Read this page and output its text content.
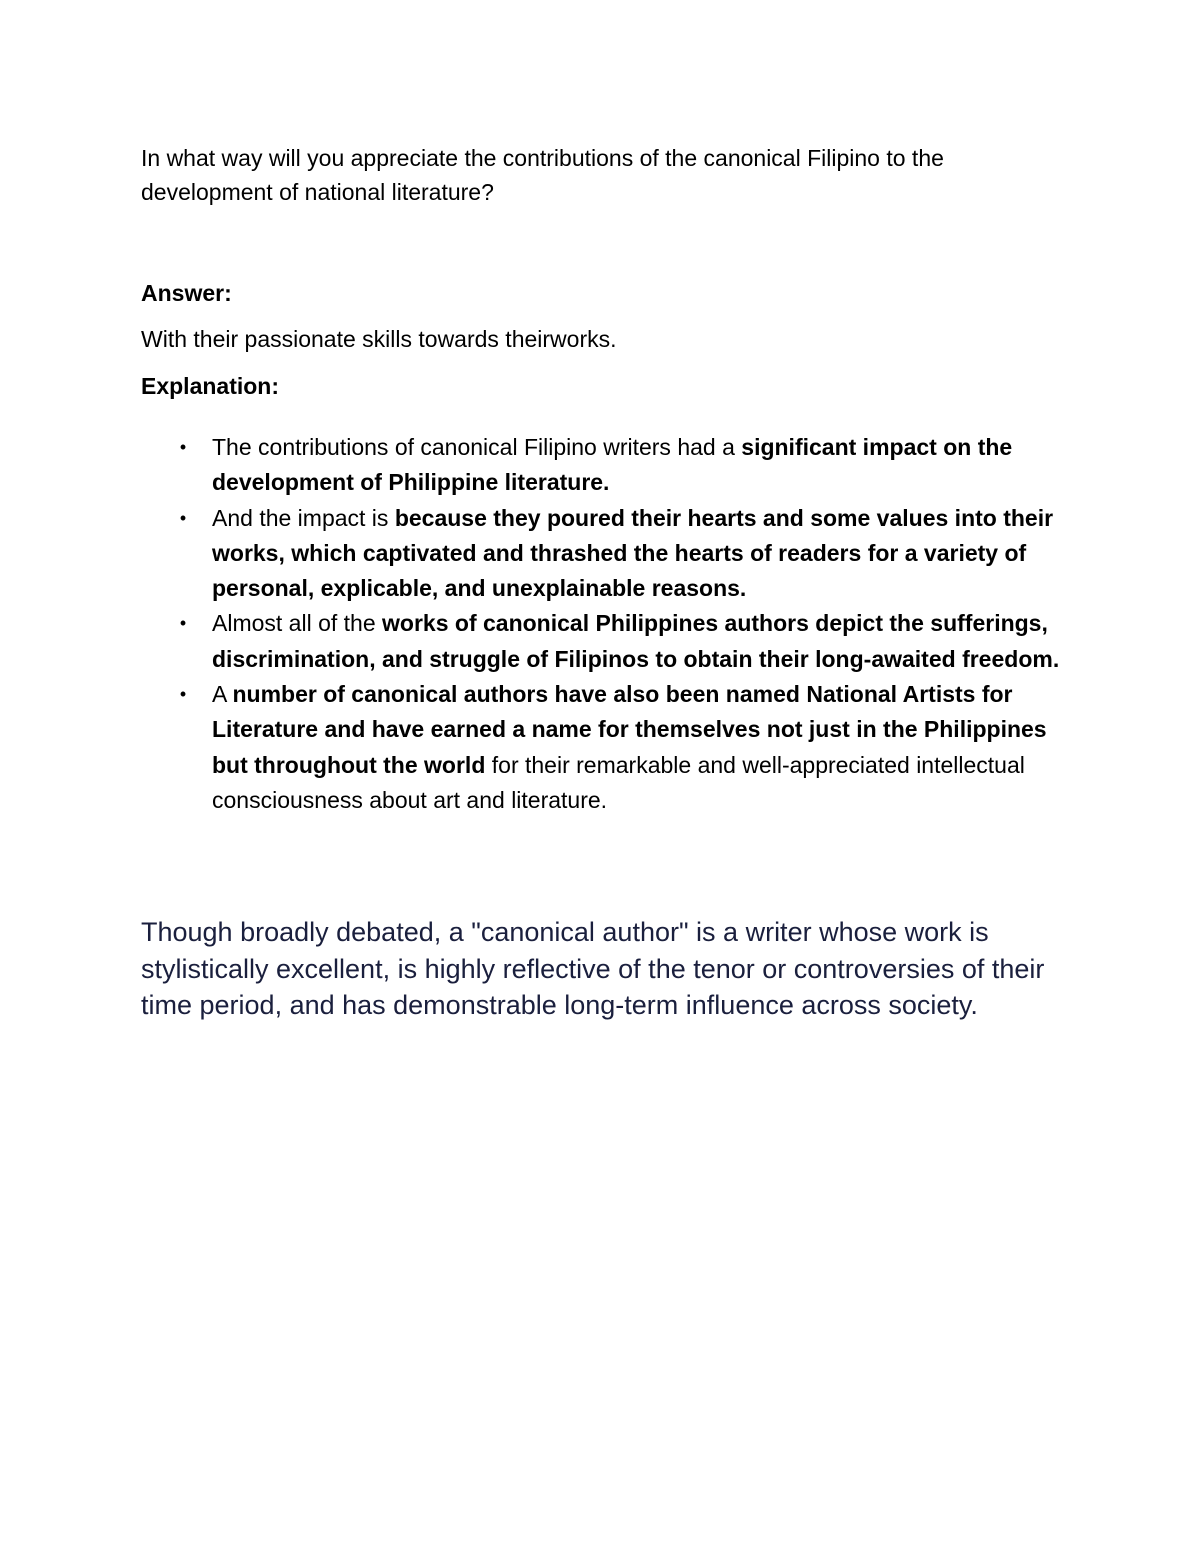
In what way will you appreciate the contributions of the canonical Filipino to the development of national literature?

Answer:

With their passionate skills towards theirworks.

Explanation:

• The contributions of canonical Filipino writers had a significant impact on the development of Philippine literature.
• And the impact is because they poured their hearts and some values into their works, which captivated and thrashed the hearts of readers for a variety of personal, explicable, and unexplainable reasons.
• Almost all of the works of canonical Philippines authors depict the sufferings, discrimination, and struggle of Filipinos to obtain their long-awaited freedom.
• A number of canonical authors have also been named National Artists for Literature and have earned a name for themselves not just in the Philippines but throughout the world for their remarkable and well-appreciated intellectual consciousness about art and literature.

Though broadly debated, a "canonical author" is a writer whose work is stylistically excellent, is highly reflective of the tenor or controversies of their time period, and has demonstrable long-term influence across society.
